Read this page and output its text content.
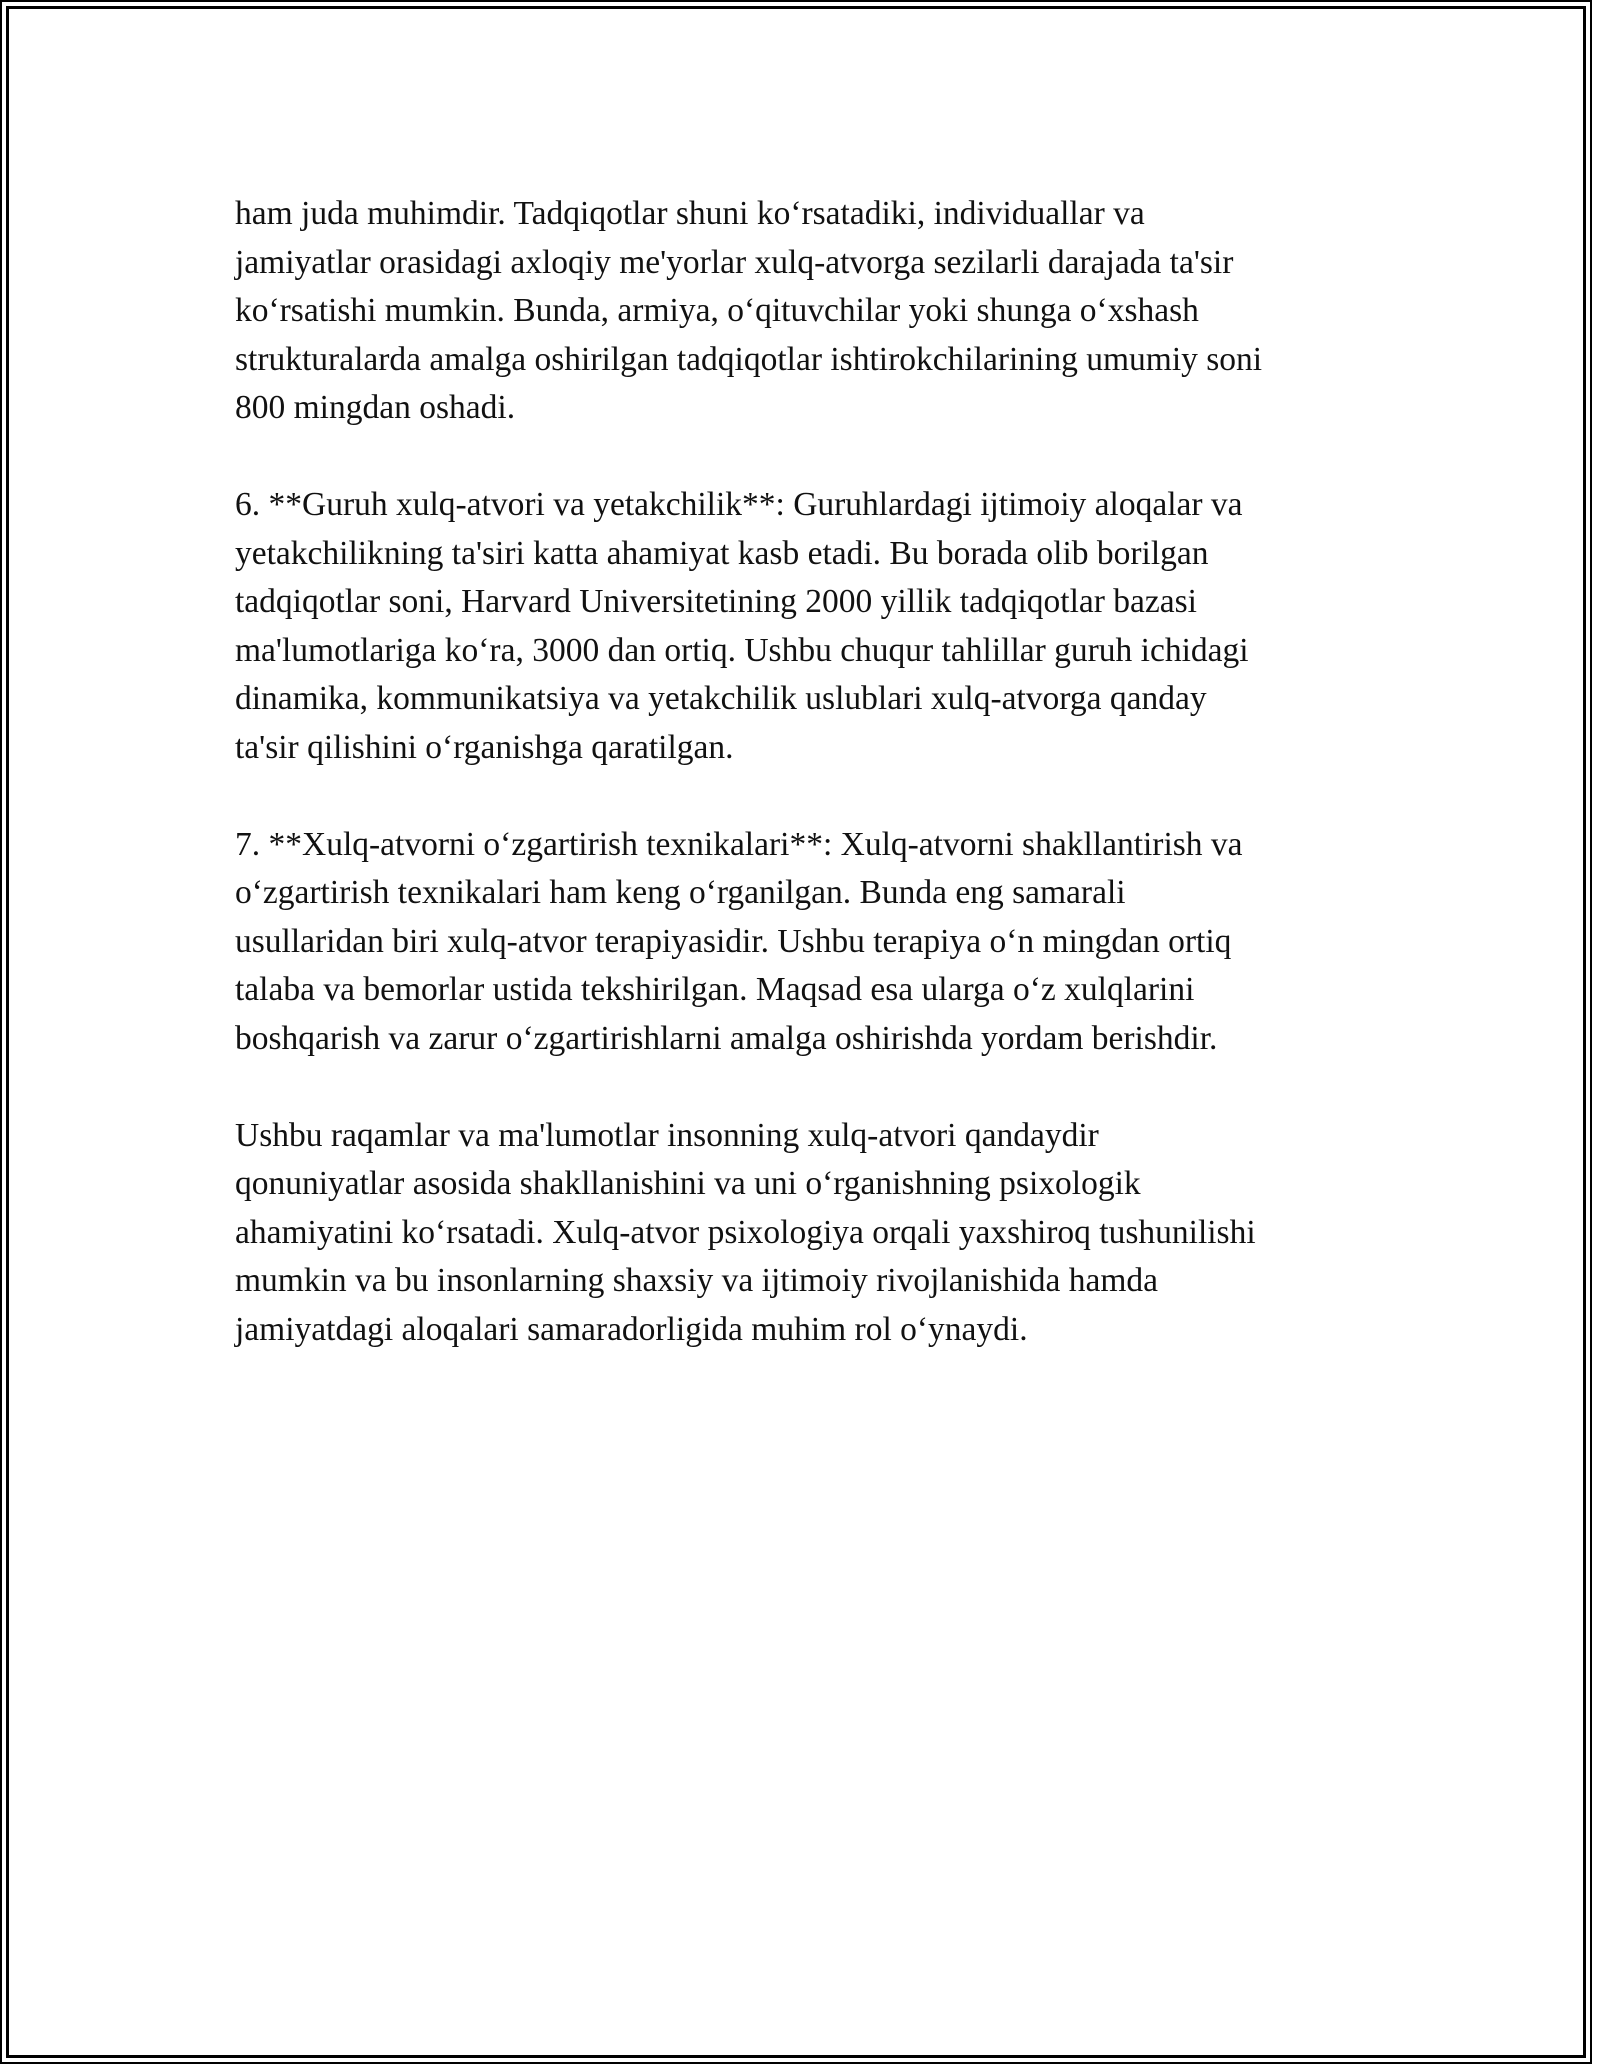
ham juda muhimdir. Tadqiqotlar shuni ko‘rsatadiki, individuallar va
jamiyatlar orasidagi axloqiy me'yorlar xulq-atvorga sezilarli darajada ta'sir
ko‘rsatishi mumkin. Bunda, armiya, o‘qituvchilar yoki shunga o‘xshash
strukturalarda amalga oshirilgan tadqiqotlar ishtirokchilarining umumiy soni
800 mingdan oshadi.

6. **Guruh xulq-atvori va yetakchilik**: Guruhlardagi ijtimoiy aloqalar va
yetakchilikning ta'siri katta ahamiyat kasb etadi. Bu borada olib borilgan
tadqiqotlar soni, Harvard Universitetining 2000 yillik tadqiqotlar bazasi
ma'lumotlariga ko‘ra, 3000 dan ortiq. Ushbu chuqur tahlillar guruh ichidagi
dinamika, kommunikatsiya va yetakchilik uslublari xulq-atvorga qanday
ta'sir qilishini o‘rganishga qaratilgan.

7. **Xulq-atvorni o‘zgartirish texnikalari**: Xulq-atvorni shakllantirish va
o‘zgartirish texnikalari ham keng o‘rganilgan. Bunda eng samarali
usullaridan biri xulq-atvor terapiyasidir. Ushbu terapiya o‘n mingdan ortiq
talaba va bemorlar ustida tekshirilgan. Maqsad esa ularga o‘z xulqlarini
boshqarish va zarur o‘zgartirishlarni amalga oshirishda yordam berishdir.

Ushbu raqamlar va ma'lumotlar insonning xulq-atvori qandaydir
qonuniyatlar asosida shakllanishini va uni o‘rganishning psixologik
ahamiyatini ko‘rsatadi. Xulq-atvor psixologiya orqali yaxshiroq tushunilishi
mumkin va bu insonlarning shaxsiy va ijtimoiy rivojlanishida hamda
jamiyatdagi aloqalari samaradorligida muhim rol o‘ynaydi.
